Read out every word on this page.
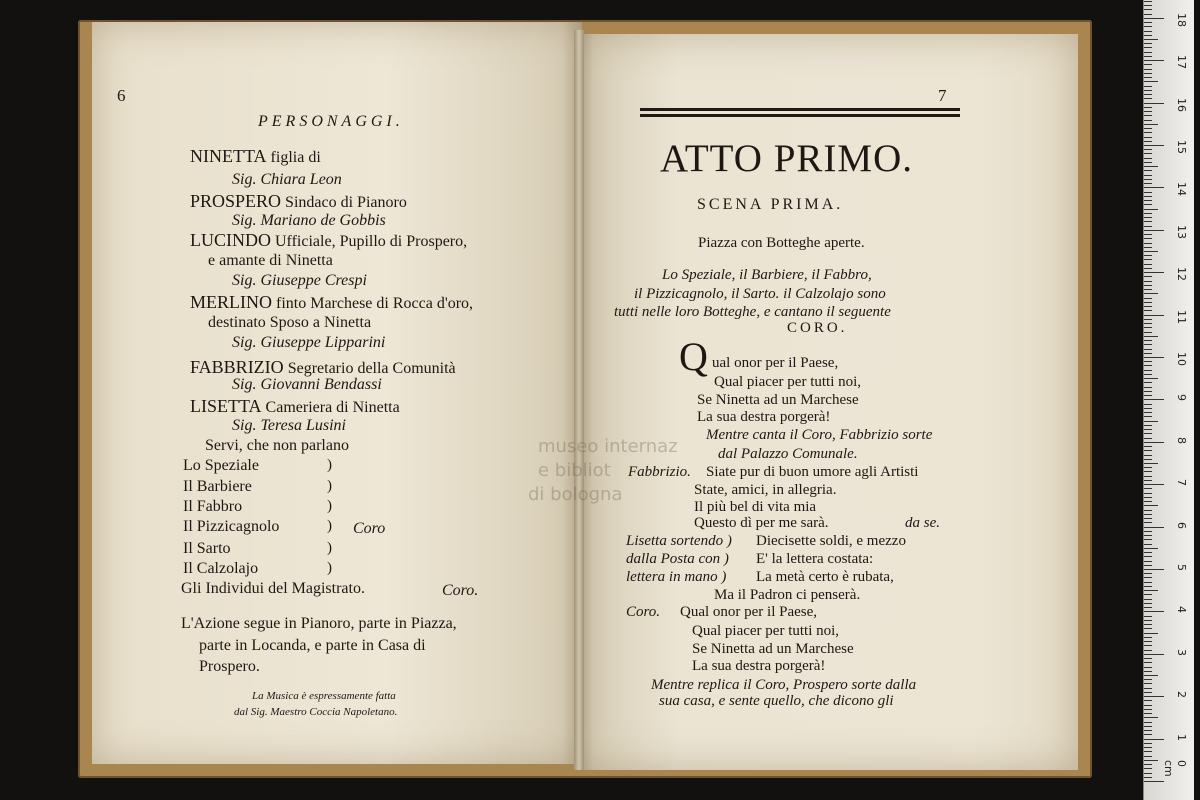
museo internaz
e bibliot
di bologna
6
PERSONAGGI.
NINETTA figlia di
Sig. Chiara Leon
PROSPERO Sindaco di Pianoro
Sig. Mariano de Gobbis
LUCINDO Ufficiale, Pupillo di Prospero,
e amante di Ninetta
Sig. Giuseppe Crespi
MERLINO finto Marchese di Rocca d'oro,
destinato Sposo a Ninetta
Sig. Giuseppe Lipparini
FABBRIZIO Segretario della Comunità
Sig. Giovanni Bendassi
LISETTA Cameriera di Ninetta
Sig. Teresa Lusini
Lo Speziale	)
Il Barbiere	)
Il Fabbro	)
Il Pizzicagnolo	)
Il Sarto	)
Il Calzolajo	)
Servi, che non parlano
Coro
Gli Individui del Magistrato.	Coro.
L'Azione segue in Pianoro, parte in Piazza,
parte in Locanda, e parte in Casa di
Prospero.
La Musica è espressamente fatta
dal Sig. Maestro Coccia Napoletano.
7
ATTO PRIMO.
SCENA PRIMA.
Piazza con Botteghe aperte.
Lo Speziale, il Barbiere, il Fabbro,
il Pizzicagnolo, il Sarto. il Calzolajo sono
tutti nelle loro Botteghe, e cantano il seguente
CORO.
Q ual onor per il Paese,
Qual piacer per tutti noi,
Se Ninetta ad un Marchese
La sua destra porgerà!
Mentre canta il Coro, Fabbrizio sorte
dal Palazzo Comunale.
Fabbrizio. Siate pur di buon umore agli Artisti
State, amici, in allegria.
Il più bel di vita mia
Questo dì per me sarà.	da se.
Lisetta sortendo ) Diecisette soldi, e mezzo
dalla Posta con ) E' la lettera costata:
lettera in mano ) La metà certo è rubata,
Ma il Padron ci penserà.
Coro. Qual onor per il Paese,
Qual piacer per tutti noi,
Se Ninetta ad un Marchese
La sua destra porgerà!
Mentre replica il Coro, Prospero sorte dalla
sua casa, e sente quello, che dicono gli
0 cm
1
2
3
4
5
6
7
8
9
10
11
12
13
14
15
16
17
18
